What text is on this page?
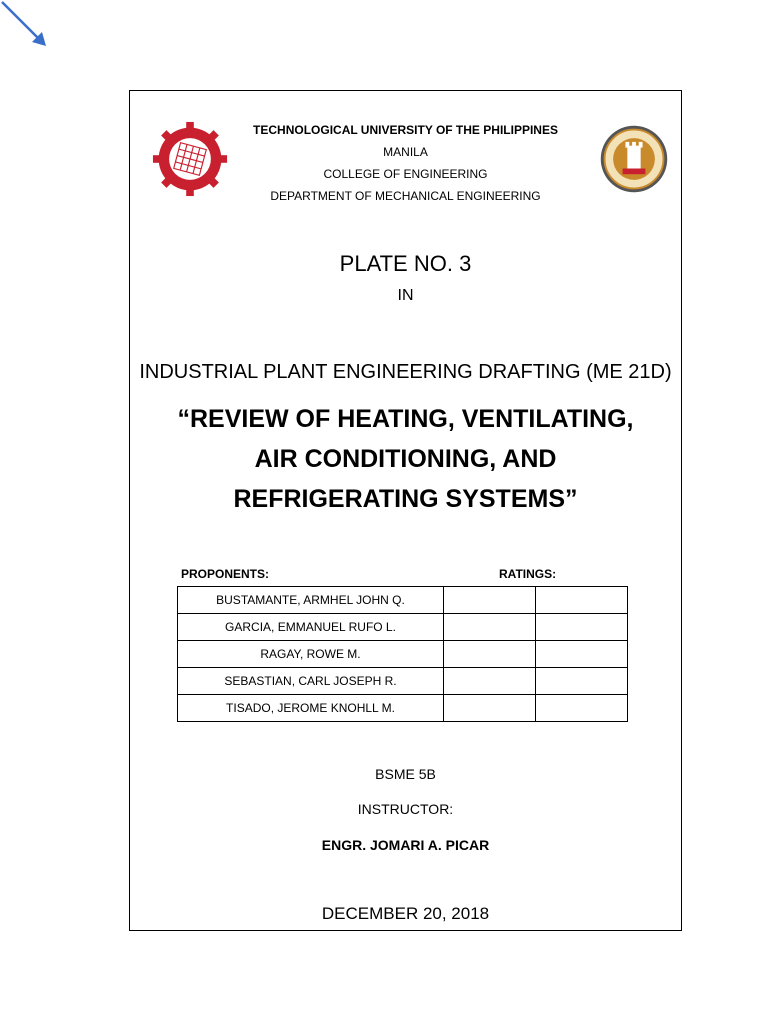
TECHNOLOGICAL UNIVERSITY OF THE PHILIPPINES
MANILA
COLLEGE OF ENGINEERING
DEPARTMENT OF MECHANICAL ENGINEERING
PLATE NO. 3
IN
INDUSTRIAL PLANT ENGINEERING DRAFTING (ME 21D)
“REVIEW OF HEATING, VENTILATING, AIR CONDITIONING, AND REFRIGERATING SYSTEMS”
PROPONENTS:	RATINGS:
BUSTAMANTE, ARMHEL JOHN Q.		
GARCIA, EMMANUEL RUFO L.		
RAGAY, ROWE M.		
SEBASTIAN, CARL JOSEPH R.		
TISADO, JEROME KNOHLL M.		
BSME 5B
INSTRUCTOR:
ENGR. JOMARI A. PICAR
DECEMBER 20, 2018
